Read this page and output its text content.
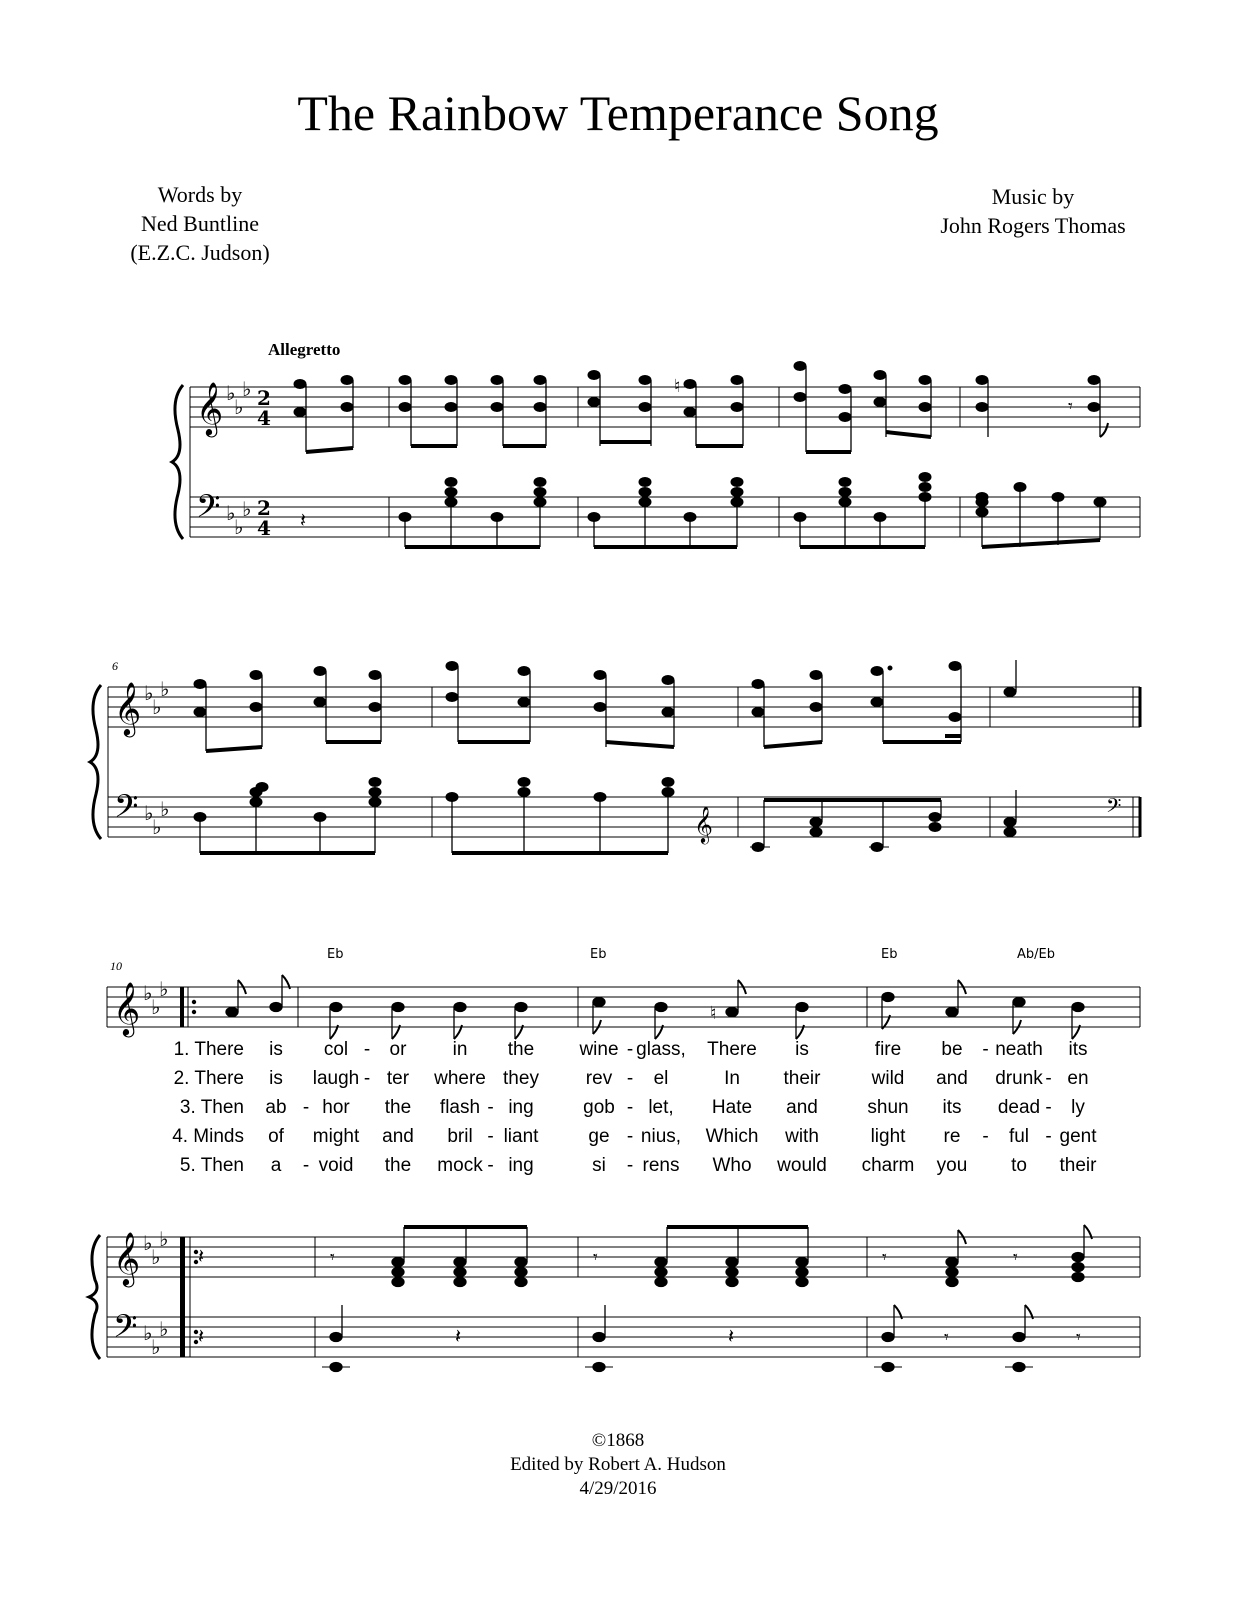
The Rainbow Temperance Song
Words by
Ned Buntline
(E.Z.C. Judson)
Music by
John Rogers Thomas
Allegretto
𝄞
𝄢
♭
♭
♭
♭
♭
♭
2
4
2
4
♮
𝄾
𝄽
6
𝄞
𝄢
♭
♭
♭
♭
♭
♭	𝄞	𝄢
10
𝄞
𝄞
𝄢
♭
♭
♭
♭
♭
♭
♭
♭
♭
Eb	Eb	Eb	Ab/Eb
♮
𝄽	𝄾	𝄾	𝄾	𝄾
𝄽	𝄽	𝄽	𝄾	𝄾
1. There is col - or in the wine - glass, There is	fire be - neath its
2. There is laugh - ter where they rev - el	In their	wild and drunk - en
3. Then ab - hor the flash - ing	gob - let, Hate and	shun its dead - ly
4. Minds of might and bril - liant	ge - nius, Which with	light re - ful - gent
5. Then a - void the mock - ing	si - rens Who would charm you to their
©1868
Edited by Robert A. Hudson
4/29/2016
